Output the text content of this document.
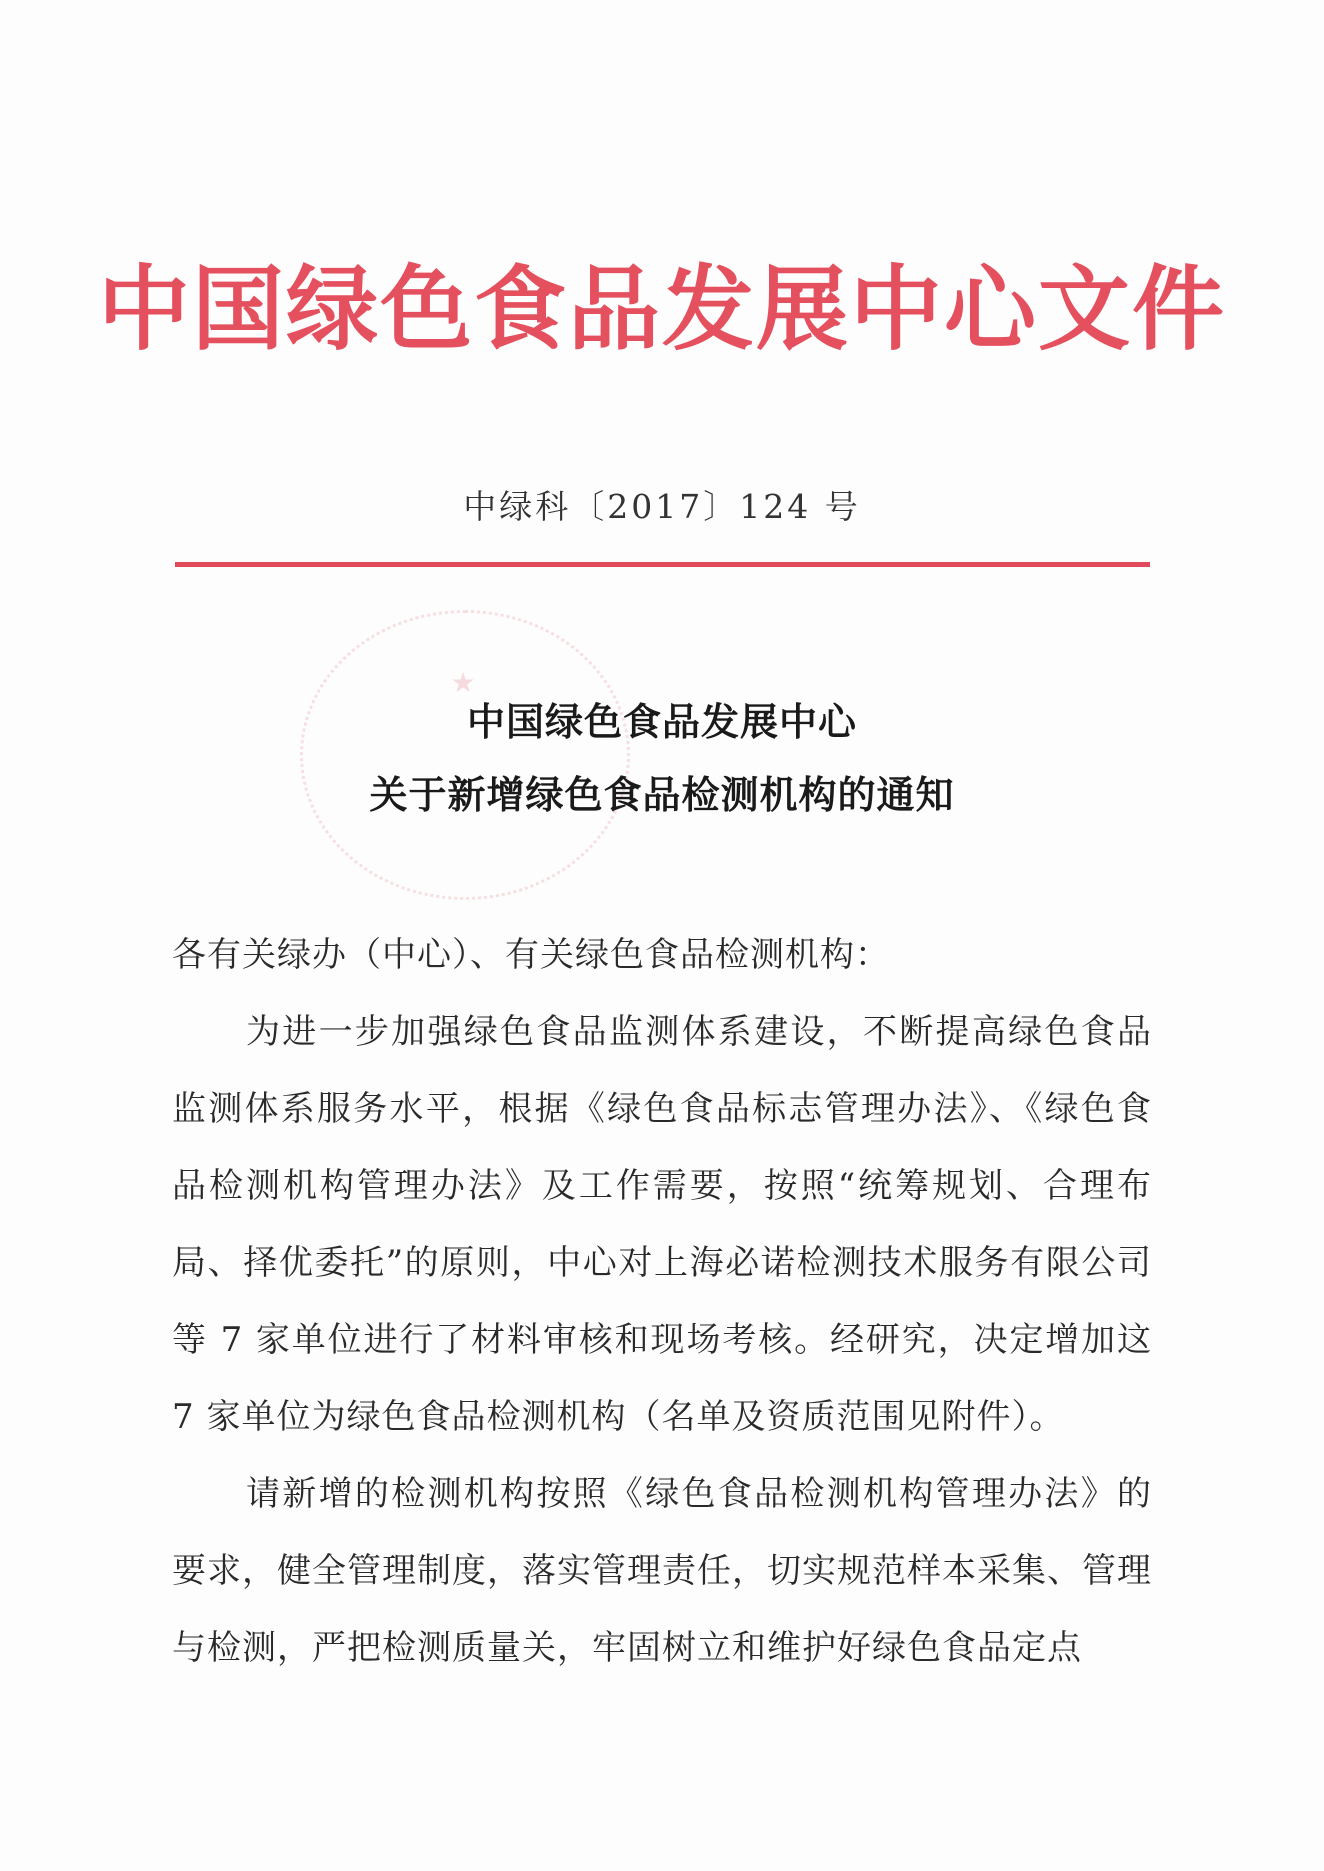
中国绿色食品发展中心文件
中绿科〔2017〕124 号
★
中国绿色食品发展中心
关于新增绿色食品检测机构的通知

各有关绿办（中心）、有关绿色食品检测机构：

为进一步加强绿色食品监测体系建设，不断提高绿色食品监测体系服务水平，根据《绿色食品标志管理办法》、《绿色食品检测机构管理办法》及工作需要，按照“统筹规划、合理布局、择优委托”的原则，中心对上海必诺检测技术服务有限公司等 7 家单位进行了材料审核和现场考核。经研究，决定增加这 7 家单位为绿色食品检测机构（名单及资质范围见附件）。

请新增的检测机构按照《绿色食品检测机构管理办法》的要求，健全管理制度，落实管理责任，切实规范样本采集、管理与检测，严把检测质量关，牢固树立和维护好绿色食品定点
